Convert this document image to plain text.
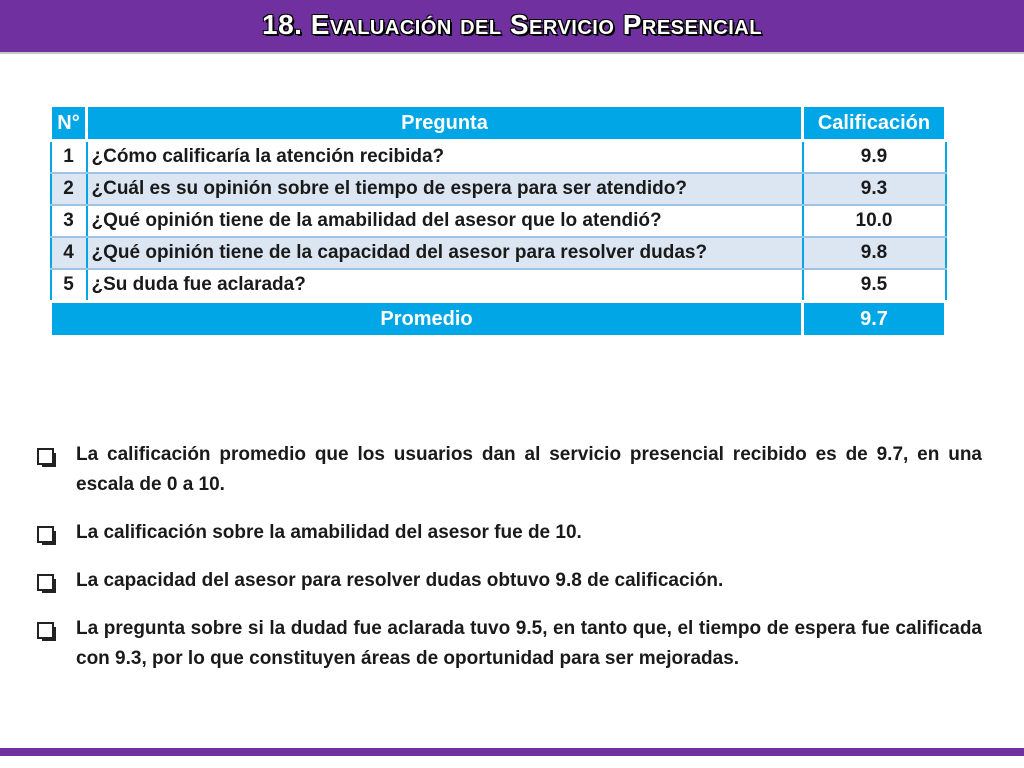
18. Evaluación del Servicio Presencial
N°	Pregunta	Calificación
1	¿Cómo calificaría la atención recibida?	9.9
2	¿Cuál es su opinión sobre el tiempo de espera para ser atendido?	9.3
3	¿Qué opinión tiene de la amabilidad del asesor que lo atendió?	10.0
4	¿Qué opinión tiene de la capacidad del asesor para resolver dudas?	9.8
5	¿Su duda fue aclarada?	9.5
Promedio		9.7
La calificación promedio que los usuarios dan al servicio presencial recibido es de 9.7, en una escala de 0 a 10.
La calificación sobre la amabilidad del asesor fue de 10.
La capacidad del asesor para resolver dudas obtuvo 9.8 de calificación.
La pregunta sobre si la dudad fue aclarada tuvo 9.5, en tanto que, el tiempo de espera fue calificada con 9.3, por lo que constituyen áreas de oportunidad para ser mejoradas.
